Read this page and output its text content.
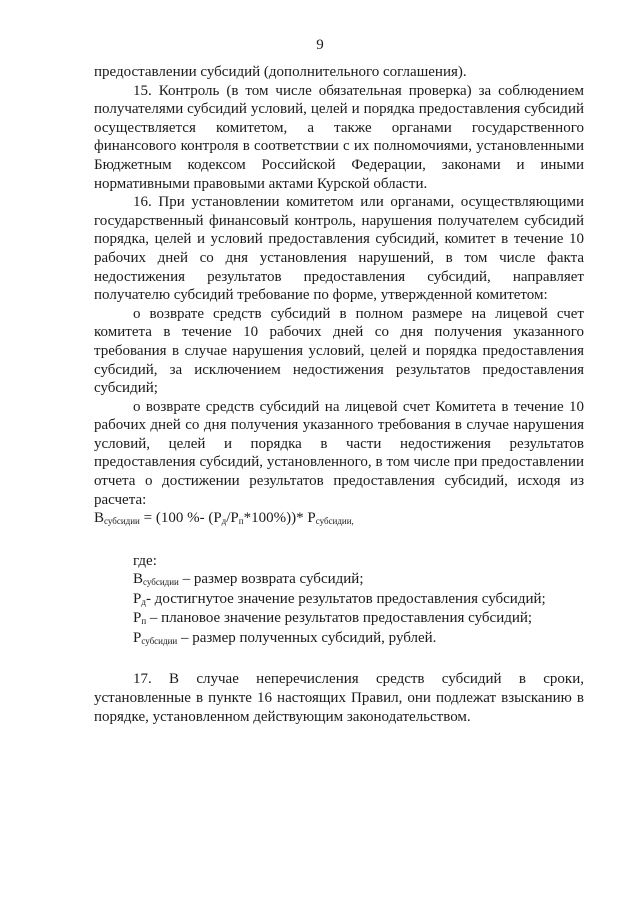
9

предоставлении субсидий (дополнительного соглашения).

15. Контроль (в том числе обязательная проверка) за соблюдением получателями субсидий условий, целей и порядка предоставления субсидий осуществляется комитетом, а также органами государственного финансового контроля в соответствии с их полномочиями, установленными Бюджетным кодексом Российской Федерации, законами и иными нормативными правовыми актами Курской области.

16. При установлении комитетом или органами, осуществляющими государственный финансовый контроль, нарушения получателем субсидий порядка, целей и условий предоставления субсидий, комитет в течение 10 рабочих дней со дня установления нарушений, в том числе факта недостижения результатов предоставления субсидий, направляет получателю субсидий требование по форме, утвержденной комитетом:

о возврате средств субсидий в полном размере на лицевой счет комитета в течение 10 рабочих дней со дня получения указанного требования в случае нарушения условий, целей и порядка предоставления субсидий, за исключением недостижения результатов предоставления субсидий;

о возврате средств субсидий на лицевой счет Комитета в течение 10 рабочих дней со дня получения указанного требования в случае нарушения условий, целей и порядка в части недостижения результатов предоставления субсидий, установленного, в том числе при предоставлении отчета о достижении результатов предоставления субсидий, исходя из расчета:

$В_{субсидии} = (100$ %- $(Р_д/Р_п*100\%))*$ $Р_{субсидии,}$

где:

$В_{субсидии}$ – размер возврата субсидий;

$Р_д-$ достигнутое значение результатов предоставления субсидий;

$Р_п$ – плановое значение результатов предоставления субсидий;

$Р_{субсидии}$ – размер полученных субсидий, рублей.

17. В случае неперечисления средств субсидий в сроки, установленные в пункте 16 настоящих Правил, они подлежат взысканию в порядке, установленном действующим законодательством.
